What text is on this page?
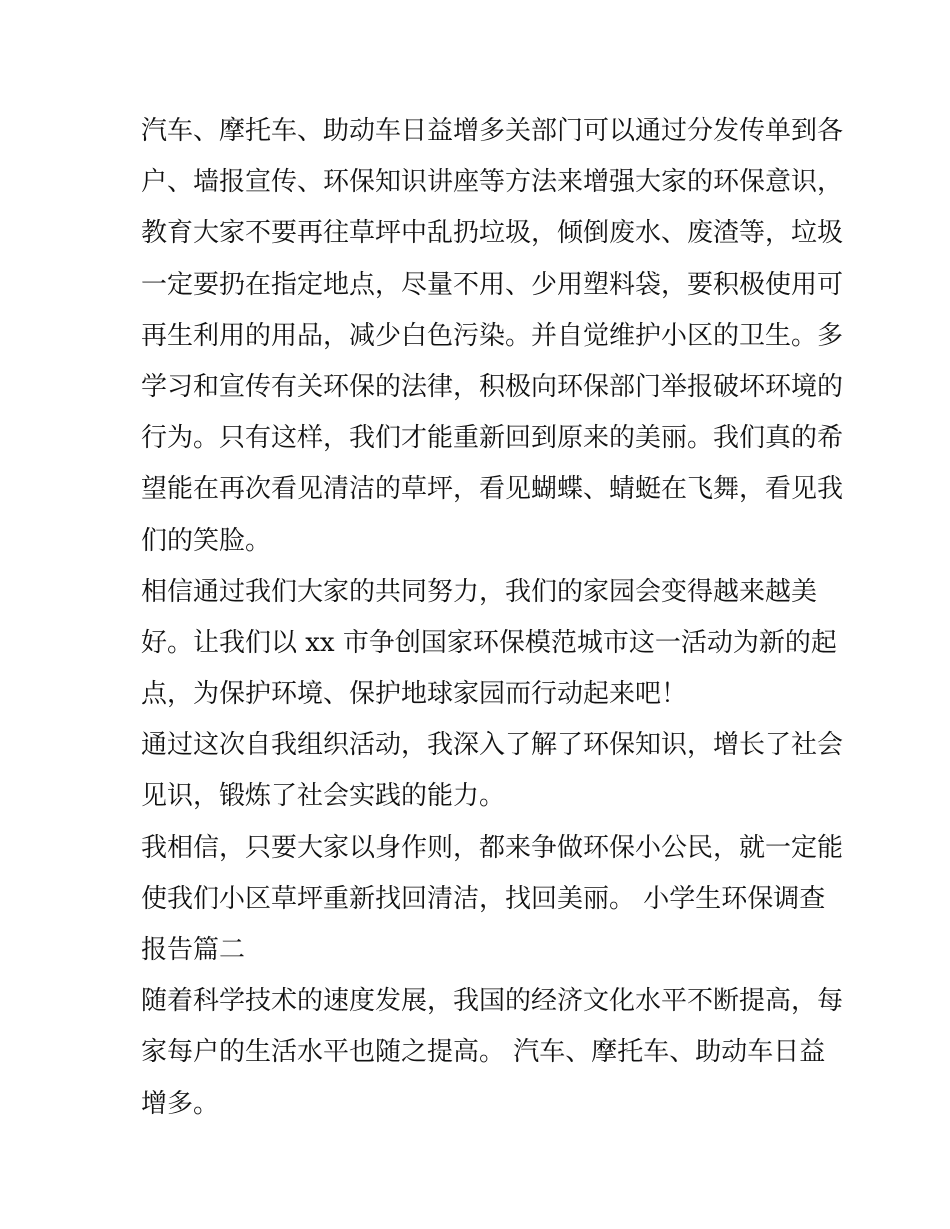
汽车、摩托车、助动车日益增多关部门可以通过分发传单到各
户、墙报宣传、环保知识讲座等方法来增强大家的环保意识，
教育大家不要再往草坪中乱扔垃圾，倾倒废水、废渣等，垃圾
一定要扔在指定地点，尽量不用、少用塑料袋，要积极使用可
再生利用的用品，减少白色污染。并自觉维护小区的卫生。多
学习和宣传有关环保的法律，积极向环保部门举报破坏环境的
行为。只有这样，我们才能重新回到原来的美丽。我们真的希
望能在再次看见清洁的草坪，看见蝴蝶、蜻蜓在飞舞，看见我
们的笑脸。

相信通过我们大家的共同努力，我们的家园会变得越来越美
好。让我们以 xx 市争创国家环保模范城市这一活动为新的起
点，为保护环境、保护地球家园而行动起来吧！

通过这次自我组织活动，我深入了解了环保知识，增长了社会
见识，锻炼了社会实践的能力。

我相信，只要大家以身作则，都来争做环保小公民，就一定能
使我们小区草坪重新找回清洁，找回美丽。 小学生环保调查
报告篇二

随着科学技术的速度发展，我国的经济文化水平不断提高，每
家每户的生活水平也随之提高。 汽车、摩托车、助动车日益
增多。
